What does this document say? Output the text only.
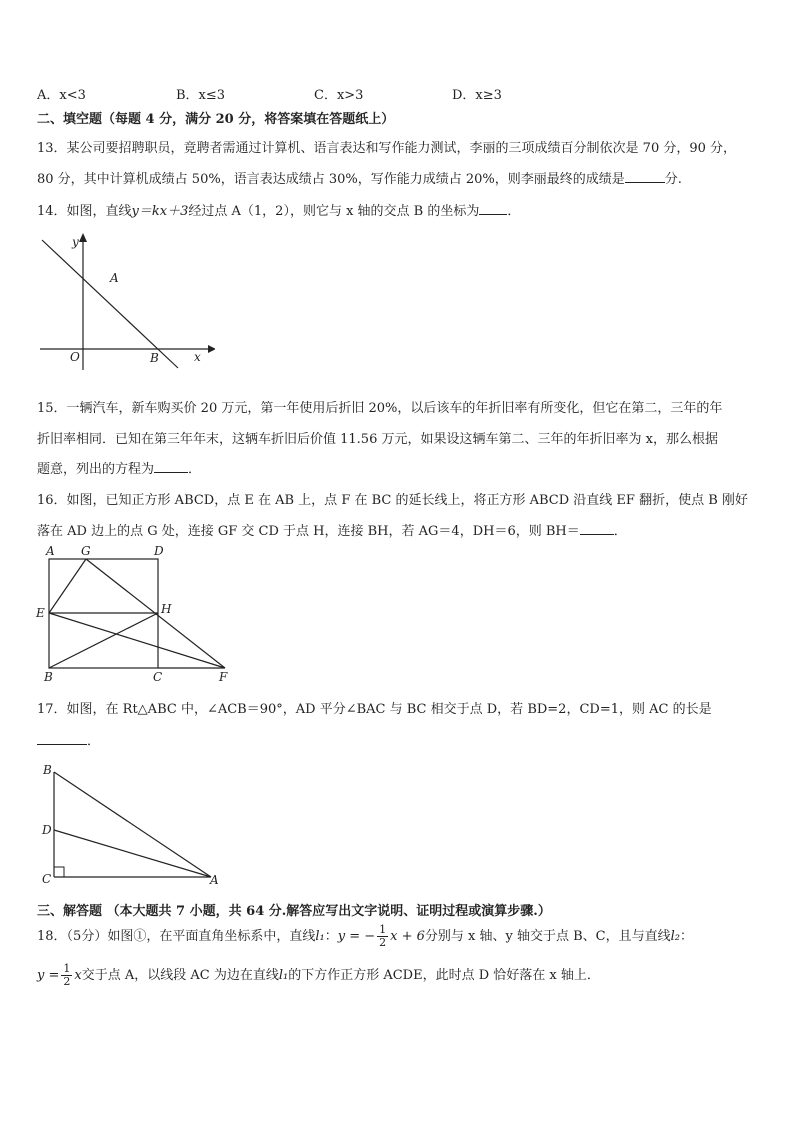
A．x<3	B．x≤3	C．x>3	D．x≥3
二、填空题（每题 4 分，满分 20 分，将答案填在答题纸上）
13．某公司要招聘职员，竟聘者需通过计算机、语言表达和写作能力测试，李丽的三项成绩百分制依次是 70 分，90 分，
80 分，其中计算机成绩占 50%，语言表达成绩占 30%，写作能力成绩占 20%，则李丽最终的成绩是	分.
14．如图，直线y＝kx＋3经过点 A（1，2），则它与 x 轴的交点 B 的坐标为 ．
y
x
O
A
B
15．一辆汽车，新车购买价 20 万元，第一年使用后折旧 20%，以后该车的年折旧率有所变化，但它在第二，三年的年
折旧率相同．已知在第三年年末，这辆车折旧后价值 11.56 万元，如果设这辆车第二、三年的年折旧率为 x，那么根据
题意，列出的方程为	．
16．如图，已知正方形 ABCD，点 E 在 AB 上，点 F 在 BC 的延长线上，将正方形 ABCD 沿直线 EF 翻折，使点 B 刚好
落在 AD 边上的点 G 处，连接 GF 交 CD 于点 H，连接 BH，若 AG＝4，DH＝6，则 BH＝	．
A G	D
E	H
B	C	F
17．如图，在 Rt△ABC 中，∠ACB＝90°，AD 平分∠BAC 与 BC 相交于点 D，若 BD=2，CD=1，则 AC 的长是
．
B
D
C	A
三、解答题 （本大题共 7 小题，共 64 分.解答应写出文字说明、证明过程或演算步骤.）
18．（5分）如图①，在平面直角坐标系中，直线l₁：y = − $\frac{1}{2}$ x + 6分别与 x 轴、y 轴交于点 B、C，且与直线l₂：
$y = \frac{1}{2}$ x交于点 A，以线段 AC 为边在直线l₁的下方作正方形 ACDE，此时点 D 恰好落在 x 轴上．
